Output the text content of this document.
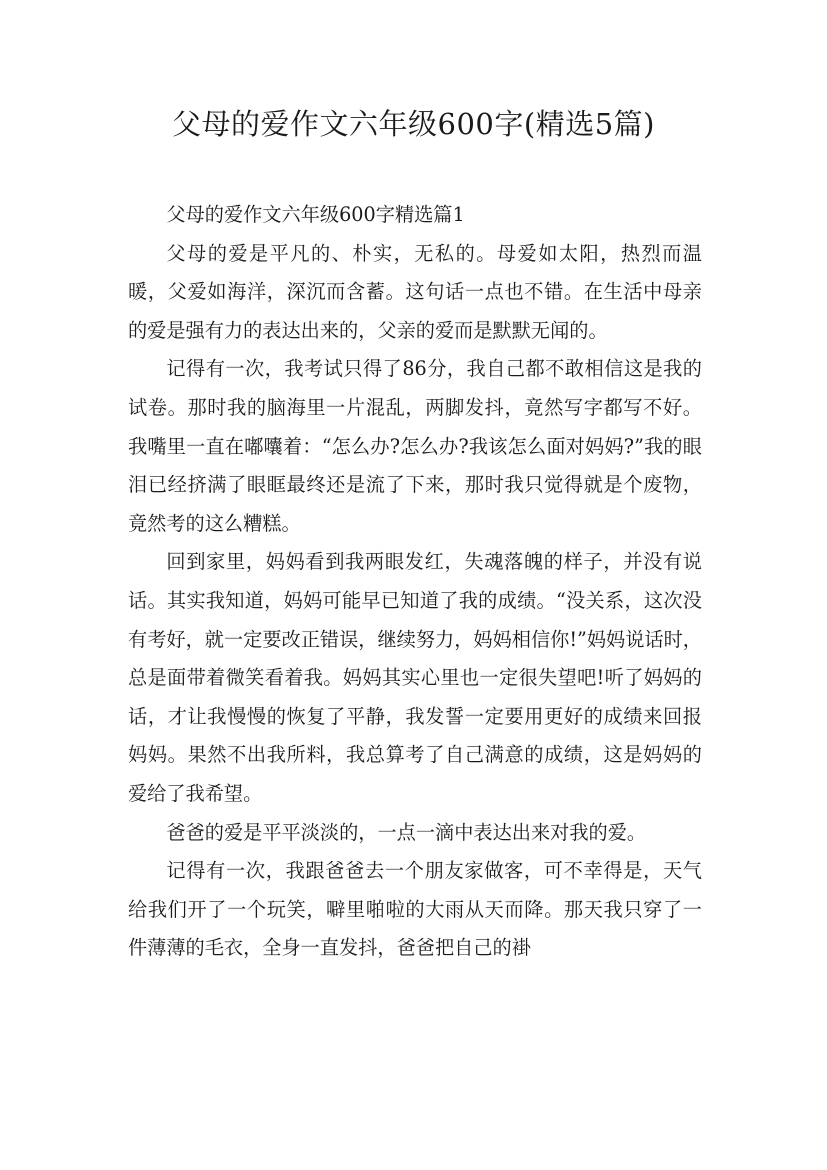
父母的爱作文六年级600字(精选5篇)

父母的爱作文六年级600字精选篇1

父母的爱是平凡的、朴实，无私的。母爱如太阳，热烈而温暖，父爱如海洋，深沉而含蓄。这句话一点也不错。在生活中母亲的爱是强有力的表达出来的，父亲的爱而是默默无闻的。

记得有一次，我考试只得了86分，我自己都不敢相信这是我的试卷。那时我的脑海里一片混乱，两脚发抖，竟然写字都写不好。我嘴里一直在嘟囔着：“怎么办?怎么办?我该怎么面对妈妈?”我的眼泪已经挤满了眼眶最终还是流了下来，那时我只觉得就是个废物，竟然考的这么糟糕。

回到家里，妈妈看到我两眼发红，失魂落魄的样子，并没有说话。其实我知道，妈妈可能早已知道了我的成绩。“没关系，这次没有考好，就一定要改正错误，继续努力，妈妈相信你!”妈妈说话时，总是面带着微笑看着我。妈妈其实心里也一定很失望吧!听了妈妈的话，才让我慢慢的恢复了平静，我发誓一定要用更好的成绩来回报妈妈。果然不出我所料，我总算考了自己满意的成绩，这是妈妈的爱给了我希望。

爸爸的爱是平平淡淡的，一点一滴中表达出来对我的爱。

记得有一次，我跟爸爸去一个朋友家做客，可不幸得是，天气给我们开了一个玩笑，噼里啪啦的大雨从天而降。那天我只穿了一件薄薄的毛衣，全身一直发抖，爸爸把自己的褂
